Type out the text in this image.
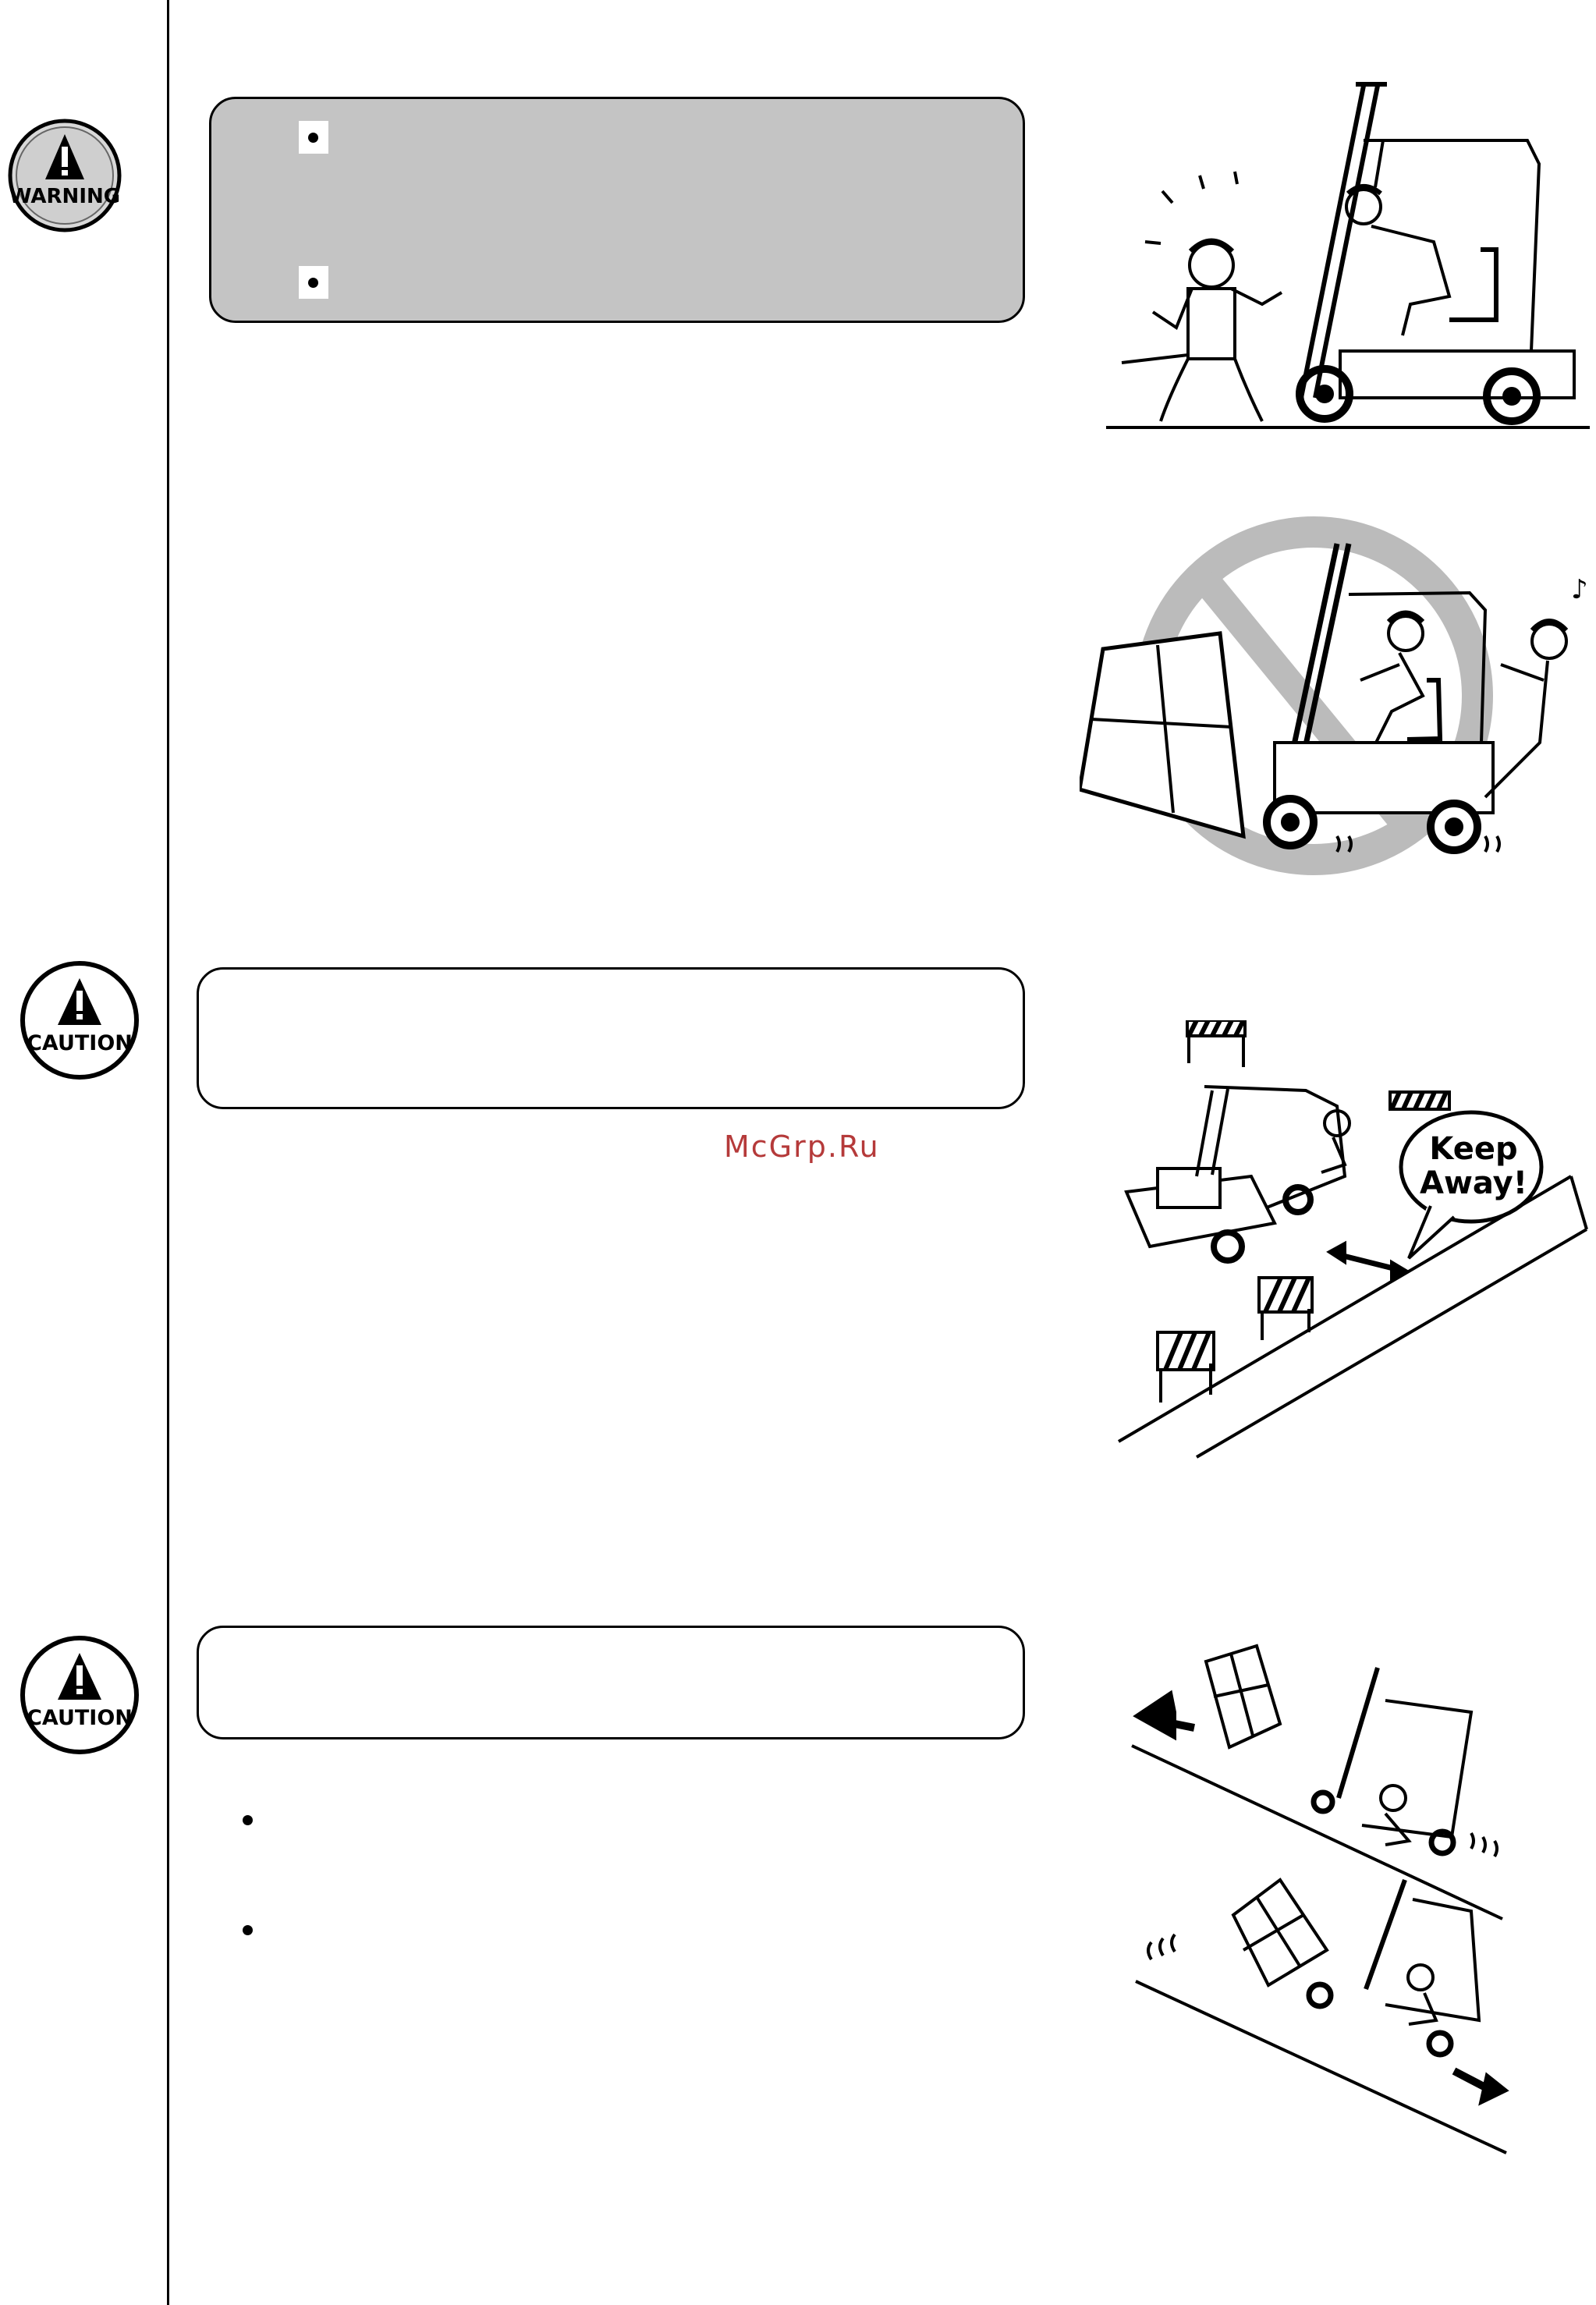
WARNING
♪
CAUTION
McGrp.Ru	Keep
Away!
CAUTION
